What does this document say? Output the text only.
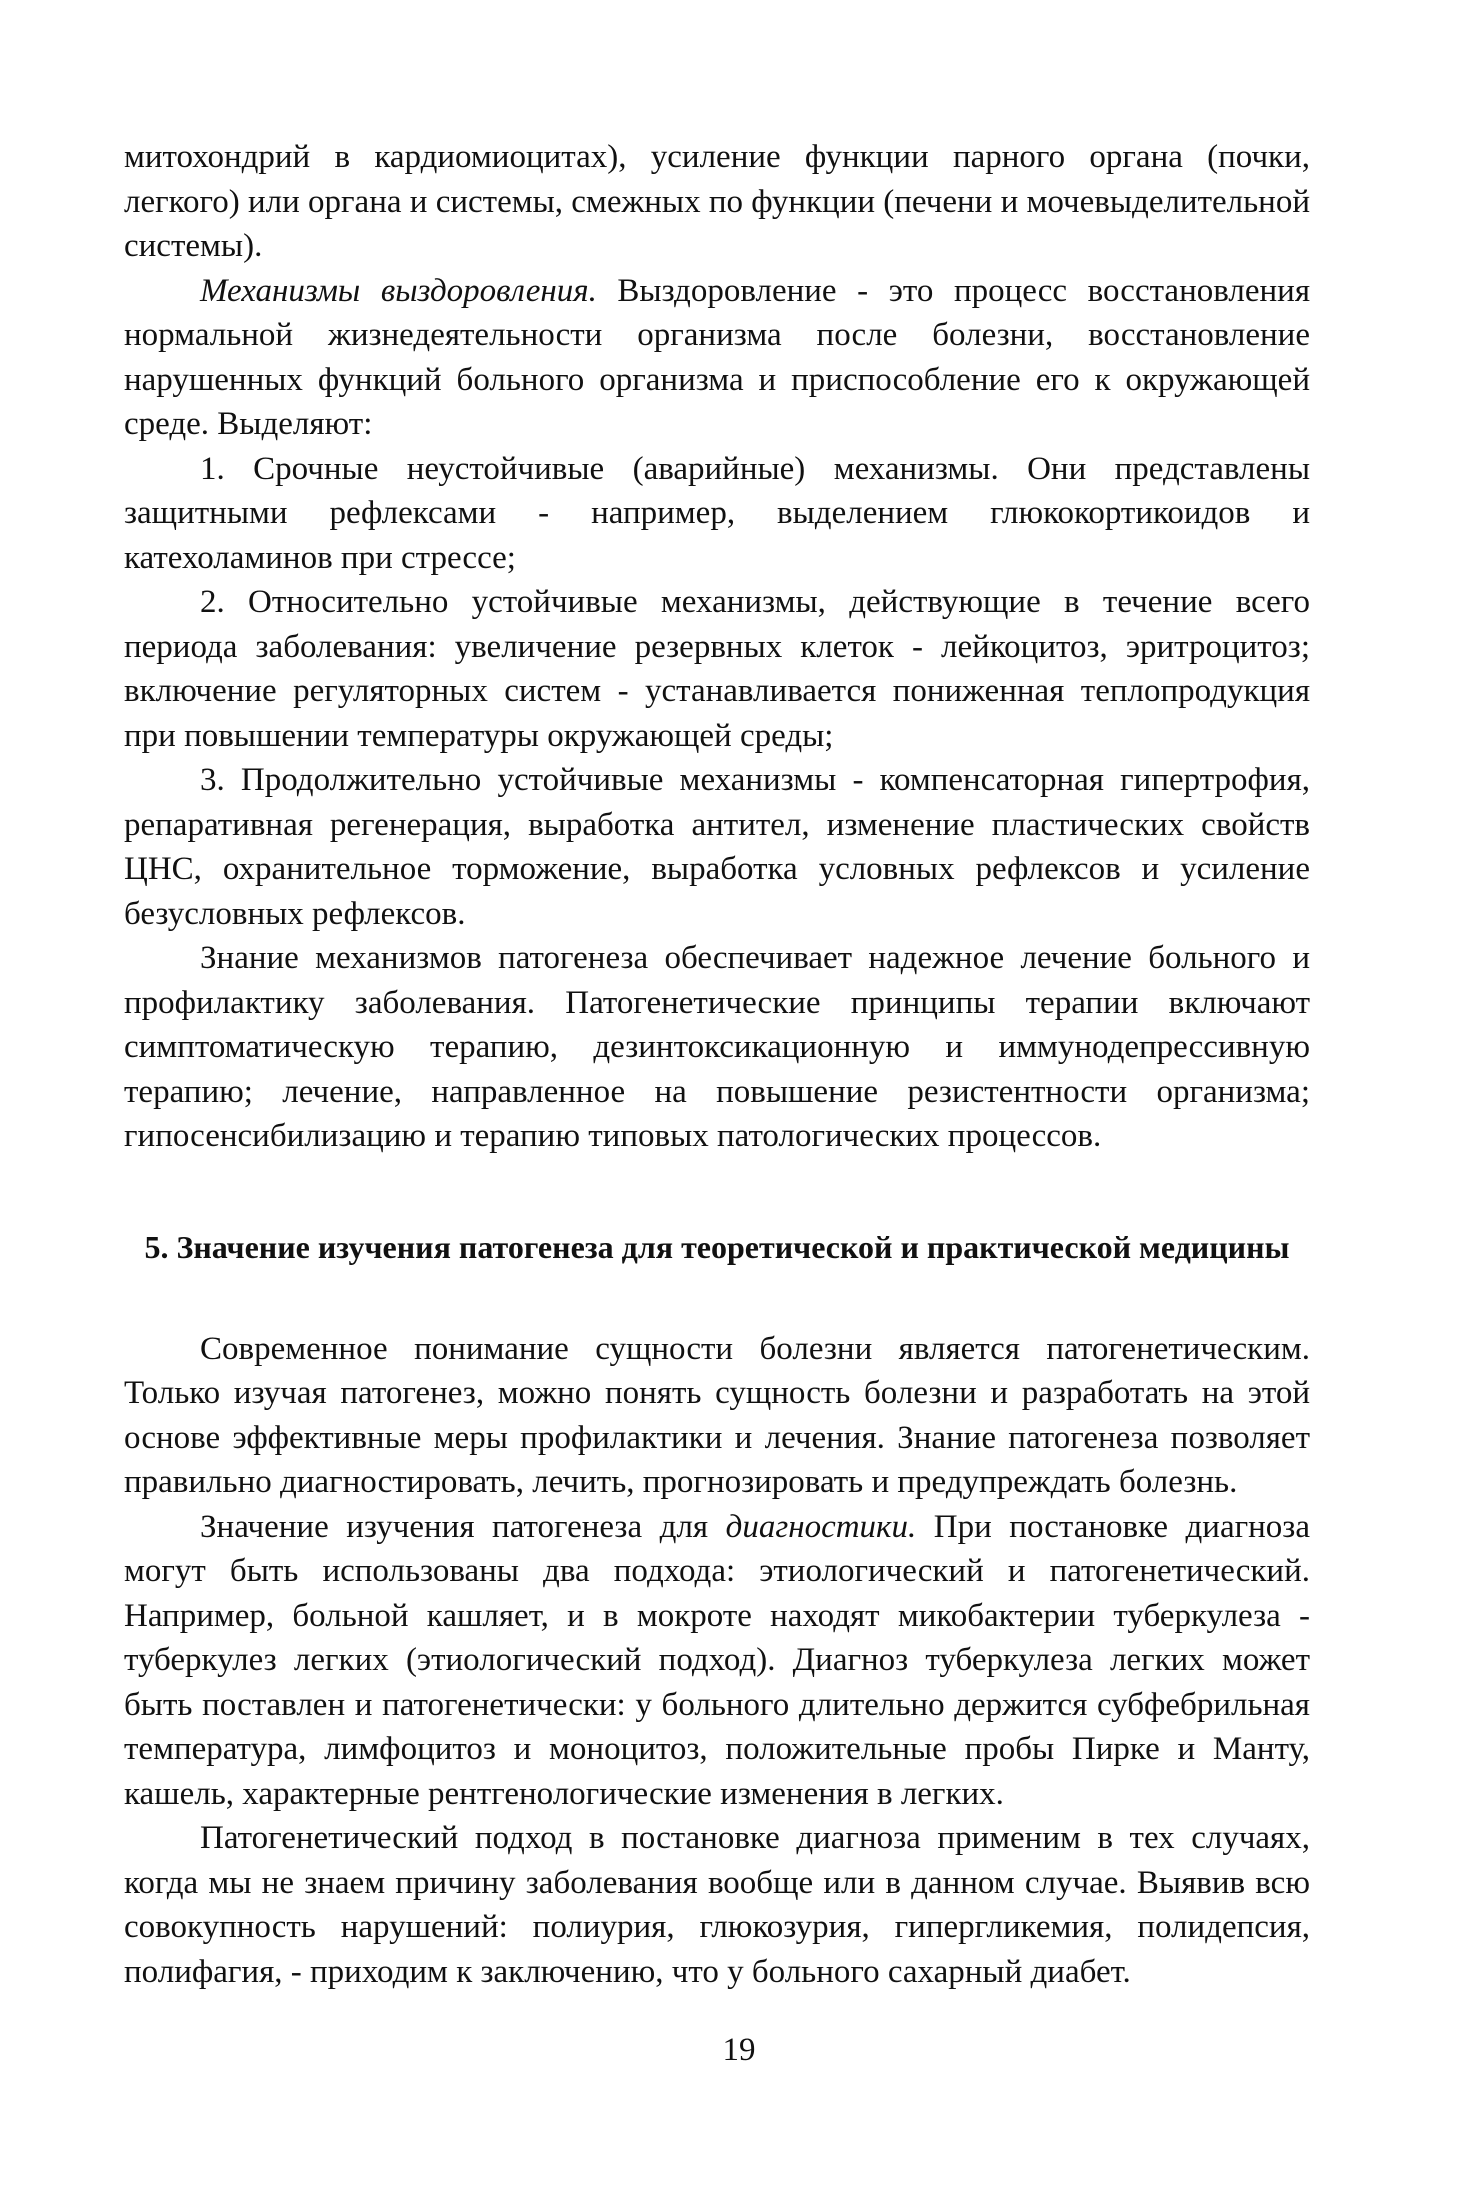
митохондрий в кардиомиоцитах), усиление функции парного органа (почки, легкого) или органа и системы, смежных по функции (печени и мочевыделительной системы).

Механизмы выздоровления. Выздоровление - это процесс восстановления нормальной жизнедеятельности организма после болезни, восстановление нарушенных функций больного организма и приспособление его к окружающей среде. Выделяют:

1. Срочные неустойчивые (аварийные) механизмы. Они представлены защитными рефлексами - например, выделением глюкокортикоидов и катехоламинов при стрессе;

2. Относительно устойчивые механизмы, действующие в течение всего периода заболевания: увеличение резервных клеток - лейкоцитоз, эритроцитоз; включение регуляторных систем - устанавливается пониженная теплопродукция при повышении температуры окружающей среды;

3. Продолжительно устойчивые механизмы - компенсаторная гипертрофия, репаративная регенерация, выработка антител, изменение пластических свойств ЦНС, охранительное торможение, выработка условных рефлексов и усиление безусловных рефлексов.

Знание механизмов патогенеза обеспечивает надежное лечение больного и профилактику заболевания. Патогенетические принципы терапии включают симптоматическую терапию, дезинтоксикационную и иммунодепрессивную терапию; лечение, направленное на повышение резистентности организма; гипосенсибилизацию и терапию типовых патологических процессов.

5. Значение изучения патогенеза для теоретической и практической медицины

Современное понимание сущности болезни является патогенетическим. Только изучая патогенез, можно понять сущность болезни и разработать на этой основе эффективные меры профилактики и лечения. Знание патогенеза позволяет правильно диагностировать, лечить, прогнозировать и предупреждать болезнь.

Значение изучения патогенеза для диагностики. При постановке диагноза могут быть использованы два подхода: этиологический и патогенетический. Например, больной кашляет, и в мокроте находят микобактерии туберкулеза - туберкулез легких (этиологический подход). Диагноз туберкулеза легких может быть поставлен и патогенетически: у больного длительно держится субфебрильная температура, лимфоцитоз и моноцитоз, положительные пробы Пирке и Манту, кашель, характерные рентгенологические изменения в легких.

Патогенетический подход в постановке диагноза применим в тех случаях, когда мы не знаем причину заболевания вообще или в данном случае. Выявив всю совокупность нарушений: полиурия, глюкозурия, гипергликемия, полидепсия, полифагия, - приходим к заключению, что у больного сахарный диабет.

19
